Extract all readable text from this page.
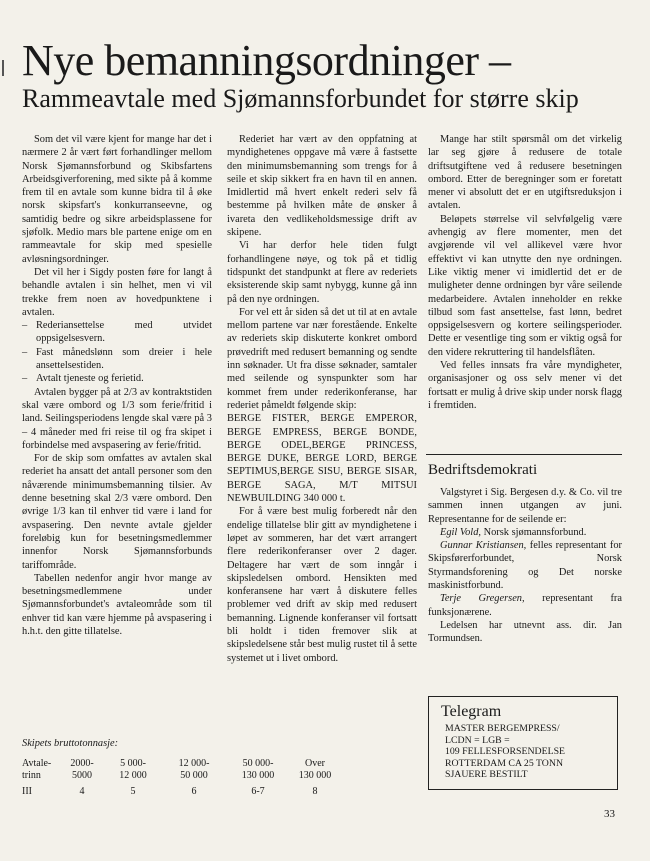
Nye bemanningsordninger –
Rammeavtale med Sjømannsforbundet for større skip

Som det vil være kjent for mange har det i nærmere 2 år vært ført forhandlinger mellom Norsk Sjømannsforbund og Skibsfartens Arbeidsgiverforening, med sikte på å komme frem til en avtale som kunne bidra til å øke norsk skipsfart's konkurranseevne, og samtidig bedre og sikre arbeidsplassene for sjøfolk. Medio mars ble partene enige om en rammeavtale for skip med spesielle avløsningsordninger.

Det vil her i Sigdy posten føre for langt å behandle avtalen i sin helhet, men vi vil trekke frem noen av hovedpunktene i avtalen.

– Rederiansettelse med utvidet oppsigelsesvern.
– Fast månedslønn som dreier i hele ansettelsestiden.
– Avtalt tjeneste og ferietid.

Avtalen bygger på at 2/3 av kontraktstiden skal være ombord og 1/3 som ferie/fritid i land. Seilingsperiodens lengde skal være på 3 – 4 måneder med fri reise til og fra skipet i forbindelse med avspasering av ferie/fritid.

For de skip som omfattes av avtalen skal rederiet ha ansatt det antall personer som den nåværende minimumsbemanning tilsier. Av denne besetning skal 2/3 være ombord. Den øvrige 1/3 kan til enhver tid være i land for avspasering. Den nevnte avtale gjelder foreløbig kun for besetningsmedlemmer innenfor Norsk Sjømannsforbunds tariffområde.

Tabellen nedenfor angir hvor mange av besetningsmedlemmene under Sjømannsforbundet's avtaleområde som til enhver tid kan være hjemme på avspasering i h.h.t. den gitte tillatelse.

Rederiet har vært av den oppfatning at myndighetenes oppgave må være å fastsette den minimumsbemanning som trengs for å seile et skip sikkert fra en havn til en annen. Imidlertid må hvert enkelt rederi selv få bestemme på hvilken måte de ønsker å ivareta den vedlikeholdsmessige drift av skipene.

Vi har derfor hele tiden fulgt forhandlingene nøye, og tok på et tidlig tidspunkt det standpunkt at flere av rederiets eksisterende skip samt nybygg, kunne gå inn på den nye ordningen.

For vel ett år siden så det ut til at en avtale mellom partene var nær forestående. Enkelte av rederiets skip diskuterte konkret ombord prøvedrift med redusert bemanning og sendte inn søknader. Ut fra disse søknader, samtaler med seilende og synspunkter som har kommet frem under rederikonferanse, har rederiet påmeldt følgende skip:

BERGE FISTER, BERGE EMPEROR, BERGE EMPRESS, BERGE BONDE, BERGE ODEL,BERGE PRINCESS, BERGE DUKE, BERGE LORD, BERGE SEPTIMUS,BERGE SISU, BERGE SISAR, BERGE SAGA, M/T MITSUI NEWBUILDING 340 000 t.

For å være best mulig forberedt når den endelige tillatelse blir gitt av myndighetene i løpet av sommeren, har det vært arrangert flere rederikonferanser over 2 dager. Deltagere har vært de som inngår i skipsledelsen ombord. Hensikten med konferansene har vært å diskutere felles problemer ved drift av skip med redusert bemanning. Lignende konferanser vil fortsatt bli holdt i tiden fremover slik at skipsledelsene står best mulig rustet til å sette systemet ut i livet ombord.

Mange har stilt spørsmål om det virkelig lar seg gjøre å redusere de totale driftsutgiftene ved å redusere besetningen ombord. Etter de beregninger som er foretatt mener vi absolutt det er en utgiftsreduksjon i avtalen.

Beløpets størrelse vil selvfølgelig være avhengig av flere momenter, men det avgjørende vil vel allikevel være hvor effektivt vi kan utnytte den nye ordningen. Like viktig mener vi imidlertid det er de muligheter denne ordningen byr våre seilende medarbeidere. Avtalen inneholder en rekke tilbud som fast ansettelse, fast lønn, bedret oppsigelsesvern og kortere seilingsperioder. Dette er vesentlige ting som er viktig også for den videre rekruttering til handelsflåten.

Ved felles innsats fra våre myndigheter, organisasjoner og oss selv mener vi det fortsatt er mulig å drive skip under norsk flagg i fremtiden.

Bedriftsdemokrati

Valgstyret i Sig. Bergesen d.y. & Co. vil tre sammen innen utgangen av juni. Representanne for de seilende er:

Egil Vold, Norsk sjømannsforbund.

Gunnar Kristiansen, felles representant for Skipsførerforbundet, Norsk Styrmandsforening og Det norske maskinistforbund.

Terje Gregersen, representant fra funksjonærene.

Ledelsen har utnevnt ass. dir. Jan Tormundsen.

Telegram
MASTER BERGEMPRESS/
LCDN = LGB =
109 FELLESFORSENDELSE
ROTTERDAM CA 25 TONN
SJAUERE BESTILT
Skipets bruttotonnasje:
Avtale-
trinn
III
2000-
5000
4
5 000-
12 000
5
12 000-
50 000
6
50 000-
130 000
6-7
Over
130 000
8
33
